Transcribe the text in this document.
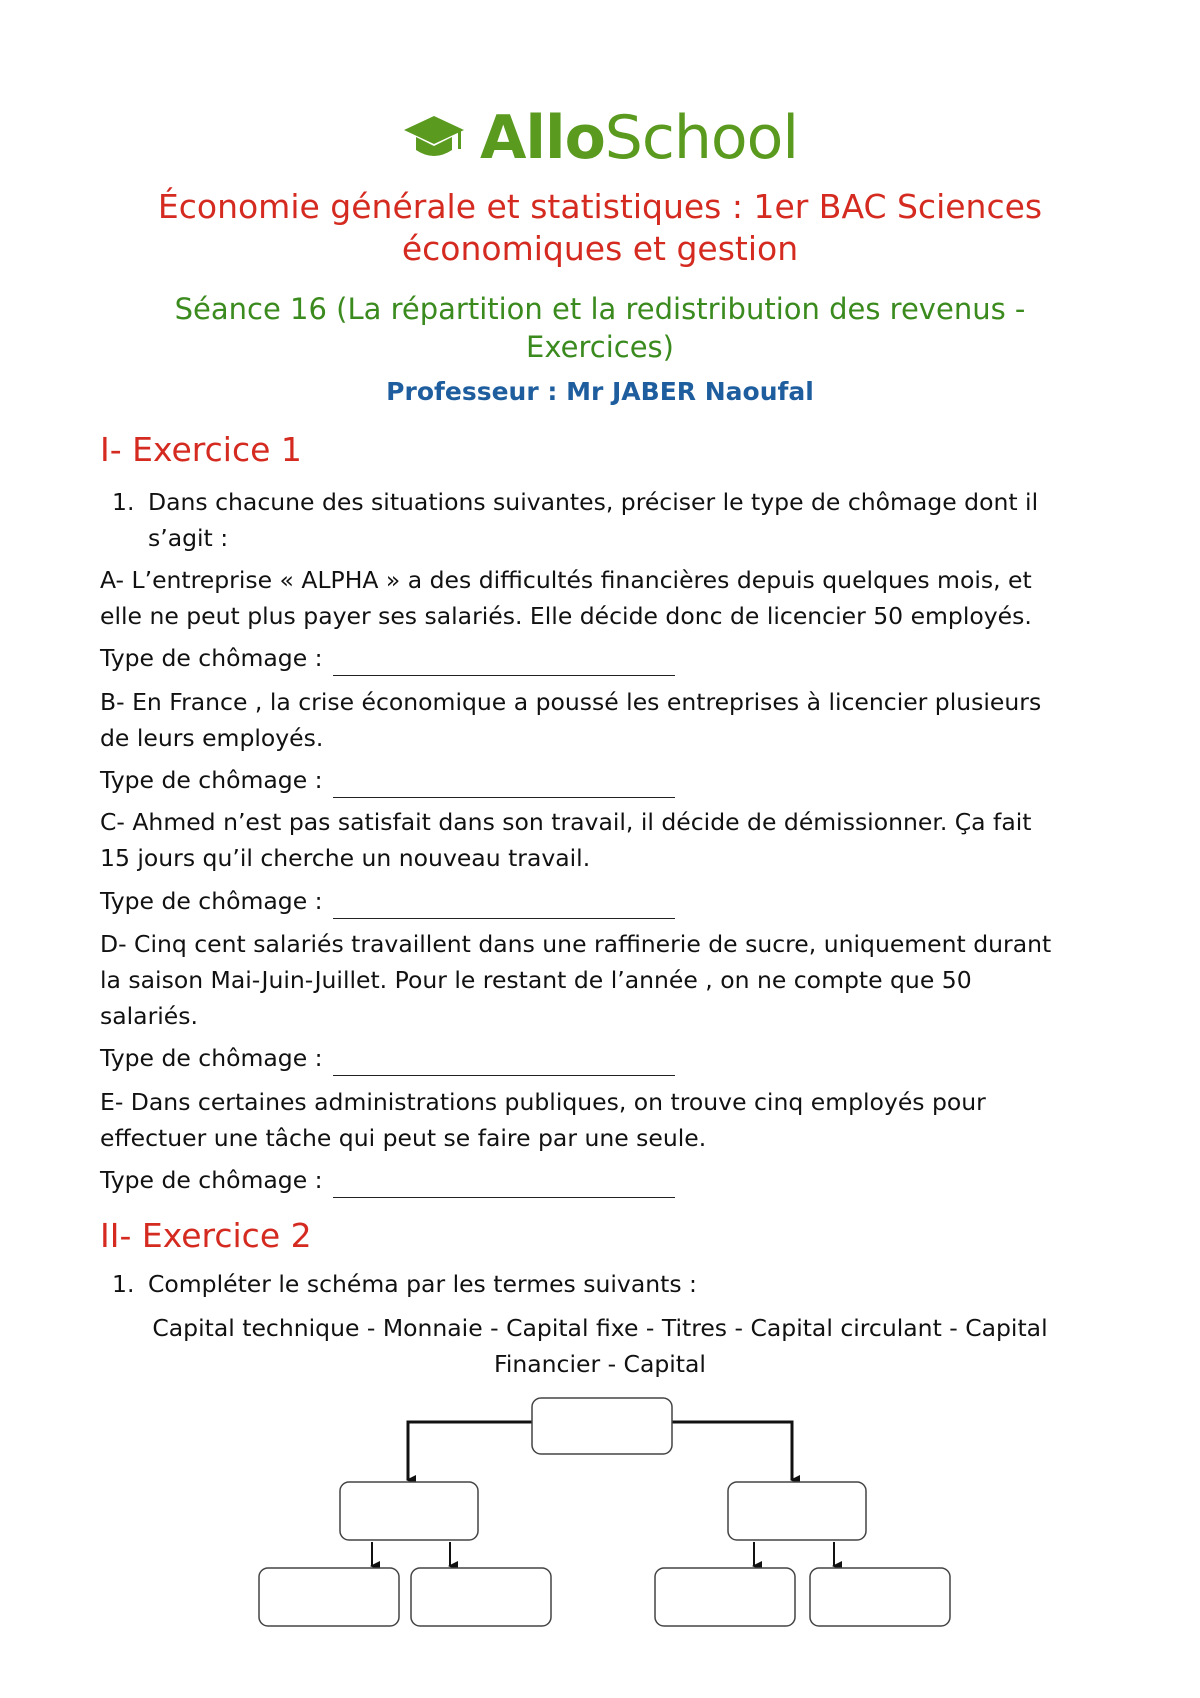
AlloSchool
Économie générale et statistiques : 1er BAC Sciences
économiques et gestion
Séance 16 (La répartition et la redistribution des revenus -
Exercices)
Professeur : Mr JABER Naoufal
I- Exercice 1
1. Dans chacune des situations suivantes, préciser le type de chômage dont il
s’agit :
A- L’entreprise « ALPHA » a des difficultés financières depuis quelques mois, et
elle ne peut plus payer ses salariés. Elle décide donc de licencier 50 employés.
Type de chômage :
B- En France , la crise économique a poussé les entreprises à licencier plusieurs
de leurs employés.
Type de chômage :
C- Ahmed n’est pas satisfait dans son travail, il décide de démissionner. Ça fait
15 jours qu’il cherche un nouveau travail.
Type de chômage :
D- Cinq cent salariés travaillent dans une raffinerie de sucre, uniquement durant
la saison Mai-Juin-Juillet. Pour le restant de l’année , on ne compte que 50
salariés.
Type de chômage :
E- Dans certaines administrations publiques, on trouve cinq employés pour
effectuer une tâche qui peut se faire par une seule.
Type de chômage :
II- Exercice 2
1. Compléter le schéma par les termes suivants :
Capital technique - Monnaie - Capital fixe - Titres - Capital circulant - Capital
Financier - Capital
